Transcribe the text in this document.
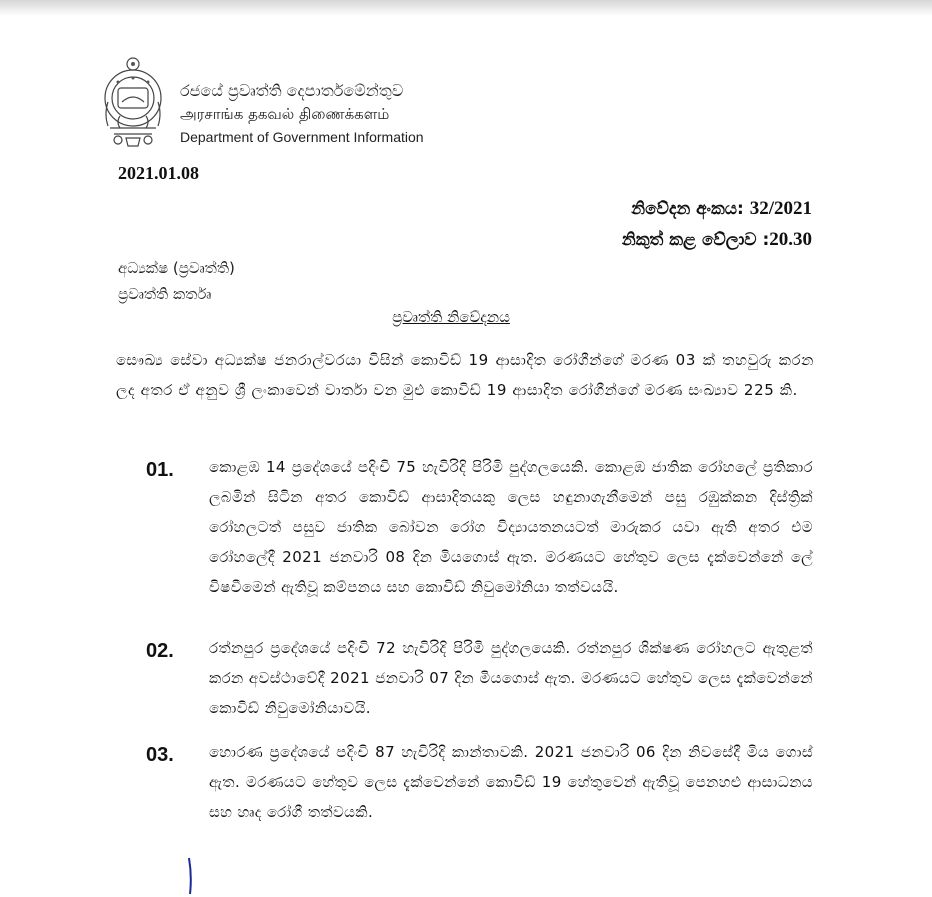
රජයේ ප්‍රවෘත්ති දෙපාර්තමේන්තුව
அரசாங்க தகவல் திணைக்களம்
Department of Government Information
2021.01.08
නිවේදන අංකය: 32/2021
නිකුත් කළ වේලාව :20.30
අධ්‍යක්ෂ (ප්‍රවෘත්ති)
ප්‍රවෘත්ති කර්තෘ
ප්‍රවෘත්ති නිවේදනය
සෞඛ්‍ය සේවා අධ්‍යක්ෂ ජනරාල්වරයා විසින් කොවිඩ් 19 ආසාදිත රෝගීන්ගේ මරණ 03 ක් තහවුරු කරන ලද අතර ඒ අනුව ශ්‍රී ලංකාවෙන් වාර්තා වන මුළු කොවිඩ් 19 ආසාදිත රෝගීන්ගේ මරණ සංඛ්‍යාව 225 කි.
01. කොළඹ 14 ප්‍රදේශයේ පදිංචි 75 හැවිරිදි පිරිමි පුද්ගලයෙකි. කොළඹ ජාතික රෝහලේ ප්‍රතිකාර ලබමින් සිටින අතර කොවිඩ් ආසාදිතයකු ලෙස හඳුනාගැනීමෙන් පසු රඹුක්කන දිස්ත්‍රික් රෝහලටත් පසුව ජාතික බෝවන රෝග විද්‍යායතනයටත් මාරුකර යවා ඇති අතර එම රෝහලේදී 2021 ජනවාරි 08 දින මියගොස් ඇත. මරණයට හේතුව ලෙස දැක්වෙන්නේ ලේ විෂවීමෙන් ඇතිවූ කම්පනය සහ කොවිඩ් නිවුමෝනියා තත්වයයි.
02. රත්නපුර ප්‍රදේශයේ පදිංචි 72 හැවිරිදි පිරිමි පුද්ගලයෙකි. රත්නපුර ශික්ෂණ රෝහලට ඇතුළත් කරන අවස්ථාවේදී 2021 ජනවාරි 07 දින මියගොස් ඇත. මරණයට හේතුව ලෙස දැක්වෙන්නේ කොවිඩ් නිවුමෝනියාවයි.
03. හොරණ ප්‍රදේශයේ පදිංචි 87 හැවිරිදි කාන්තාවකි. 2021 ජනවාරි 06 දින නිවසේදී මිය ගොස් ඇත. මරණයට හේතුව ලෙස දැක්වෙන්නේ කොවිඩ් 19 හේතුවෙන් ඇතිවූ පෙනහළු ආසාධනය සහ හෘද රෝගී තත්වයකි.
